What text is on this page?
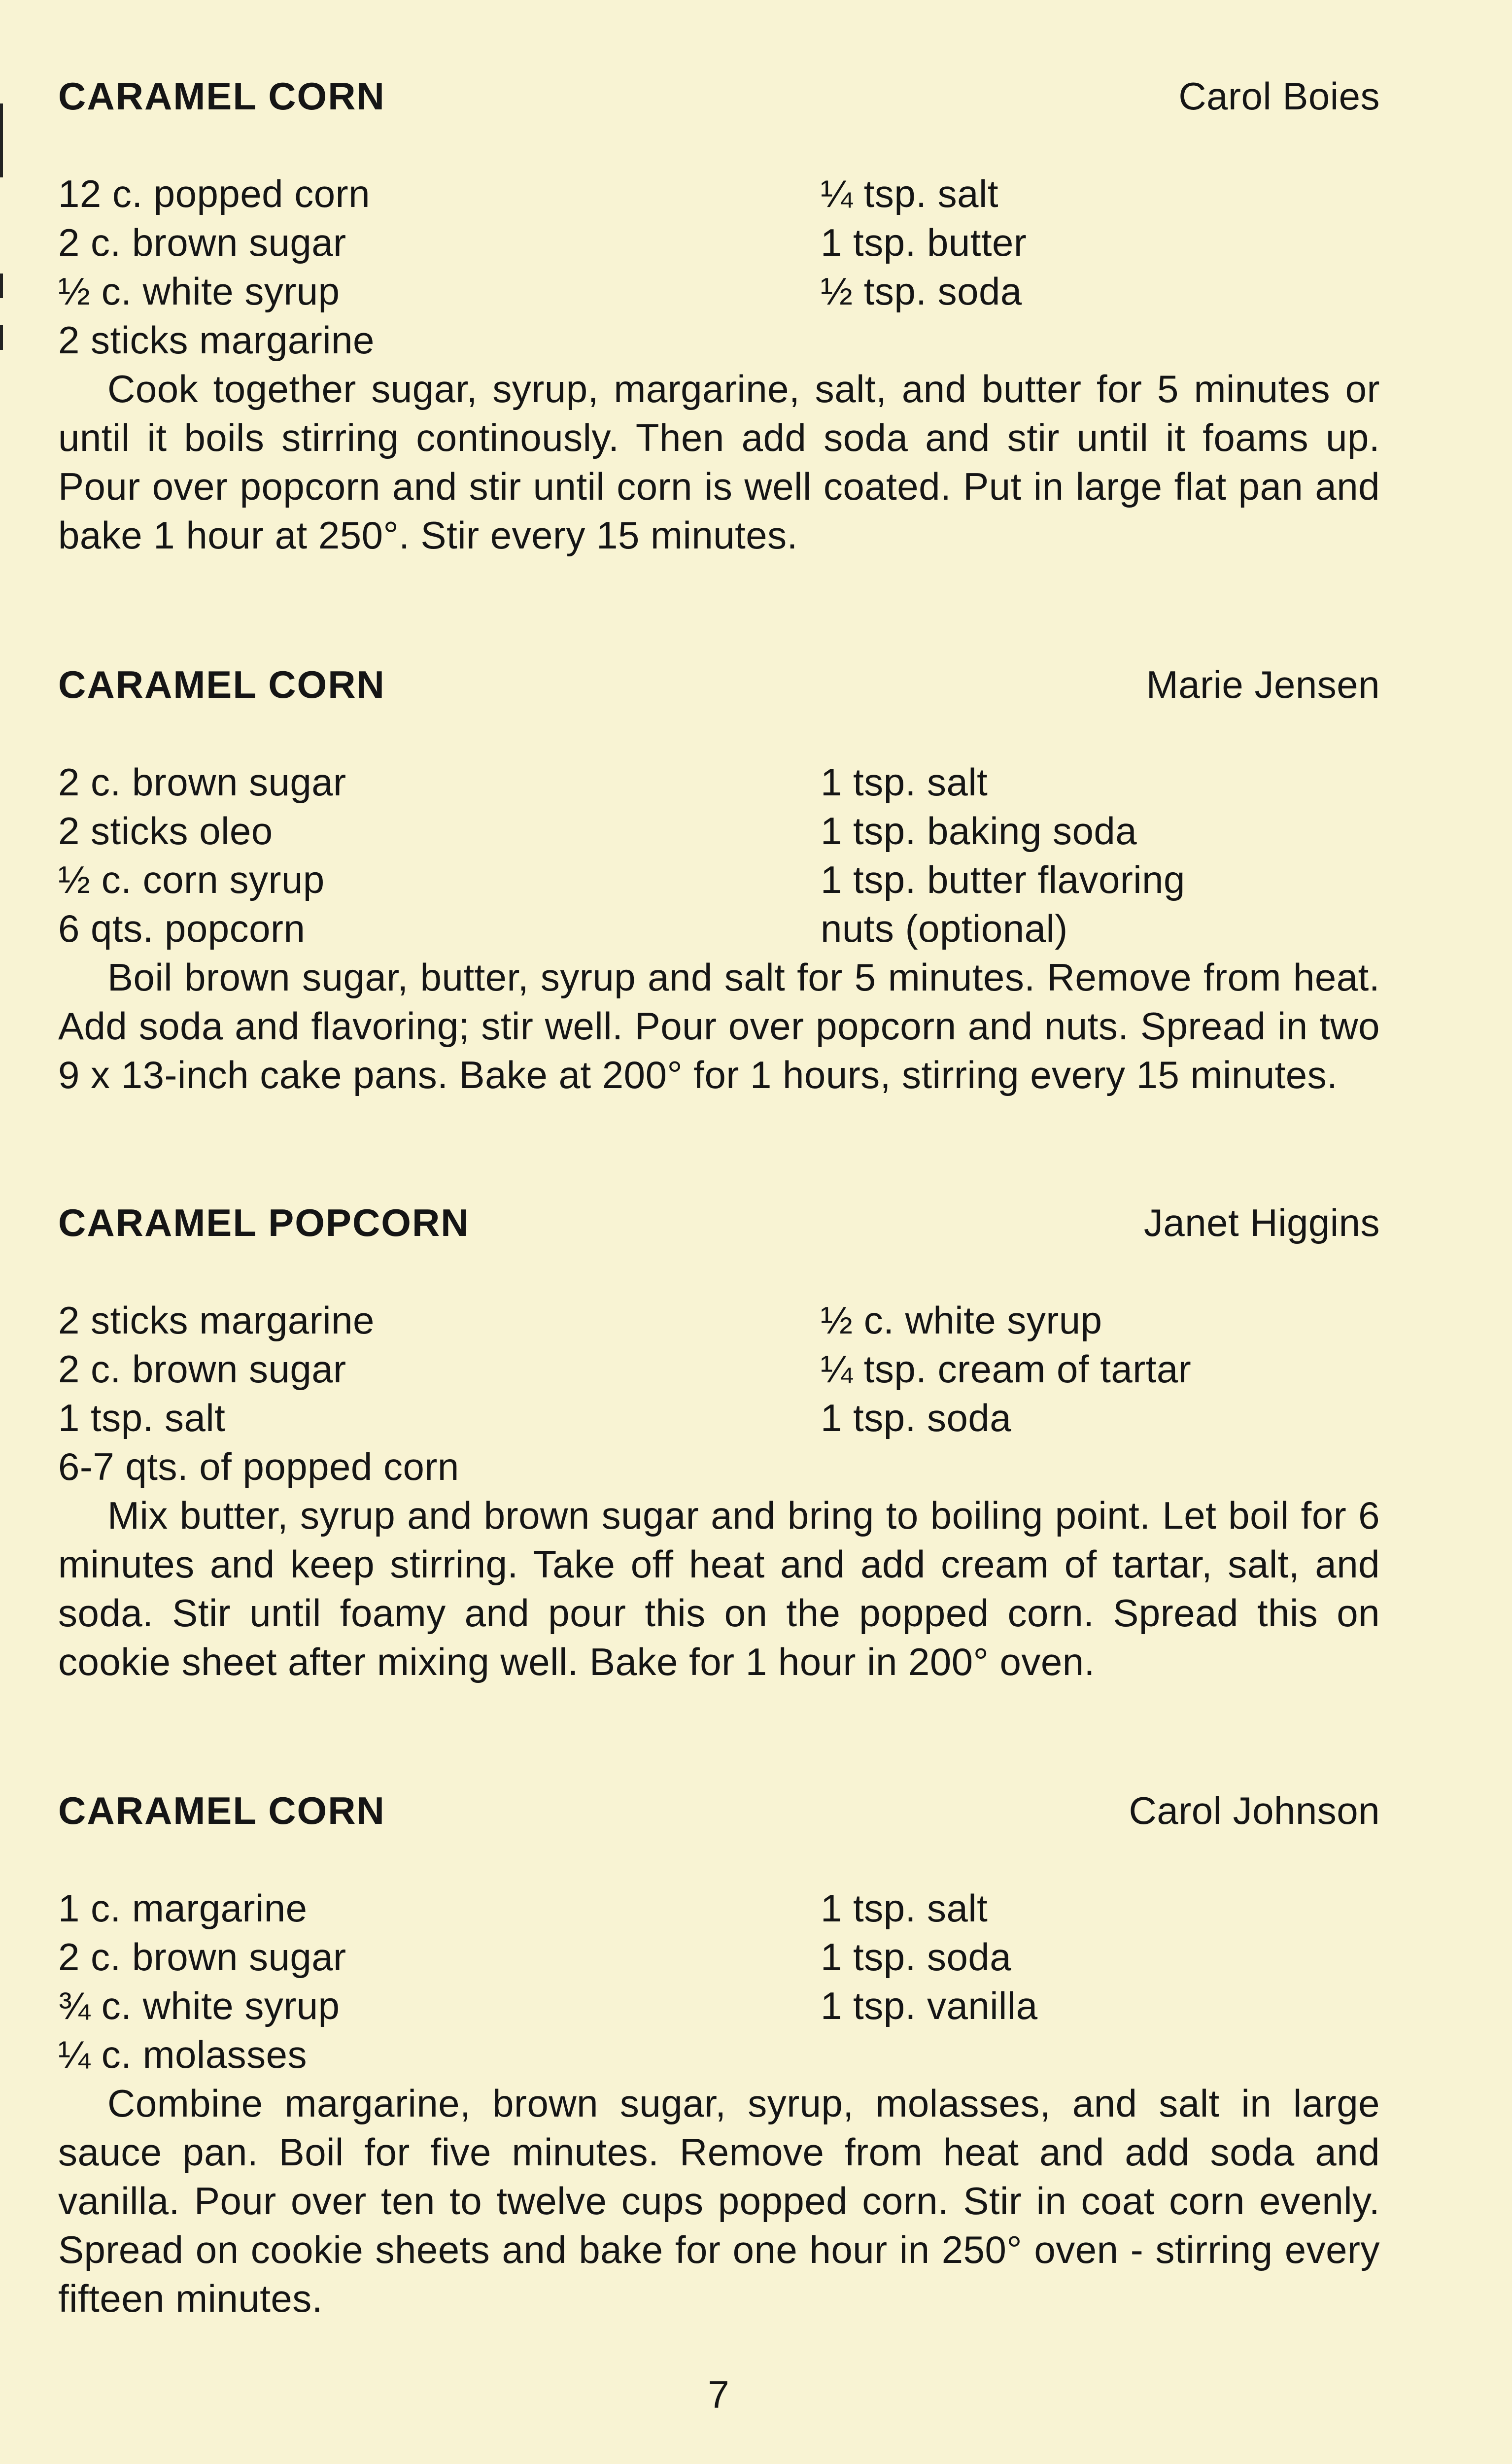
CARAMEL CORN	Carol Boies
12 c. popped corn	¼ tsp. salt
2 c. brown sugar	1 tsp. butter
½ c. white syrup	½ tsp. soda
2 sticks margarine
Cook together sugar, syrup, margarine, salt, and butter for 5 minutes or until it boils stirring continously. Then add soda and stir until it foams up. Pour over popcorn and stir until corn is well coated. Put in large flat pan and bake 1 hour at 250°. Stir every 15 minutes.
CARAMEL CORN	Marie Jensen
2 c. brown sugar	1 tsp. salt
2 sticks oleo	1 tsp. baking soda
½ c. corn syrup	1 tsp. butter flavoring
6 qts. popcorn	nuts (optional)
Boil brown sugar, butter, syrup and salt for 5 minutes. Remove from heat. Add soda and flavoring; stir well. Pour over popcorn and nuts. Spread in two 9 x 13-inch cake pans. Bake at 200° for 1 hours, stirring every 15 minutes.
CARAMEL POPCORN	Janet Higgins
2 sticks margarine	½ c. white syrup
2 c. brown sugar	¼ tsp. cream of tartar
1 tsp. salt	1 tsp. soda
6-7 qts. of popped corn
Mix butter, syrup and brown sugar and bring to boiling point. Let boil for 6 minutes and keep stirring. Take off heat and add cream of tartar, salt, and soda. Stir until foamy and pour this on the popped corn. Spread this on cookie sheet after mixing well. Bake for 1 hour in 200° oven.
CARAMEL CORN	Carol Johnson
1 c. margarine	1 tsp. salt
2 c. brown sugar	1 tsp. soda
¾ c. white syrup	1 tsp. vanilla
¼ c. molasses
Combine margarine, brown sugar, syrup, molasses, and salt in large sauce pan. Boil for five minutes. Remove from heat and add soda and vanilla. Pour over ten to twelve cups popped corn. Stir in coat corn evenly. Spread on cookie sheets and bake for one hour in 250° oven - stirring every fifteen minutes.
7
